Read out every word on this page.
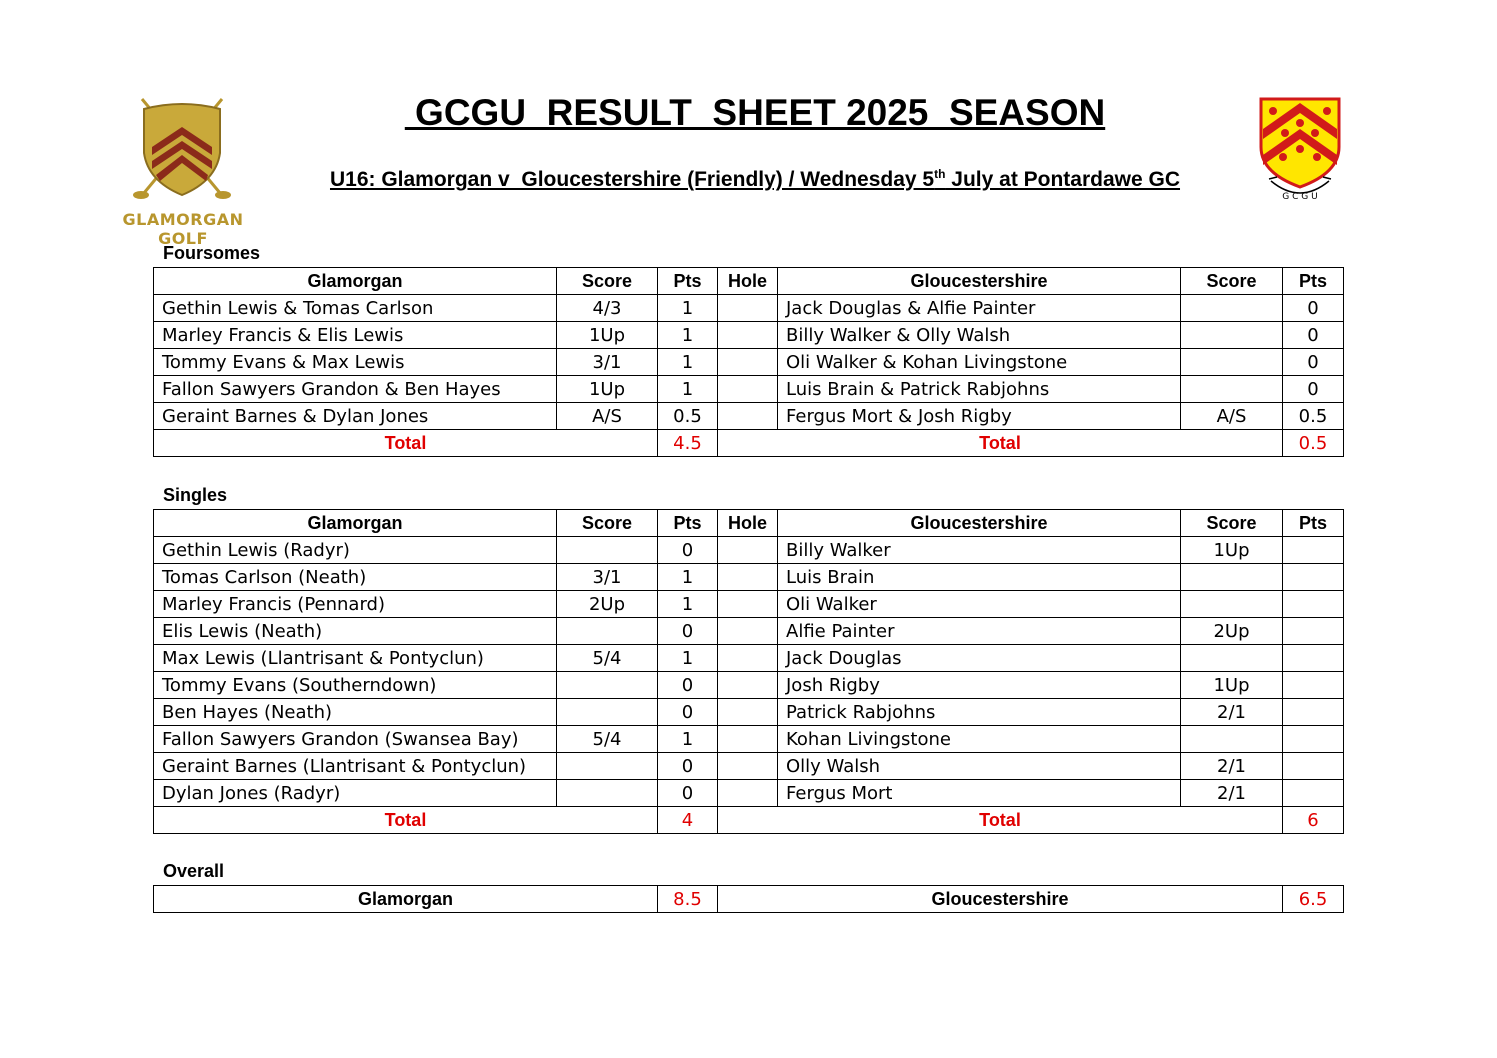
GLAMORGAN GOLF
GCGU  RESULT  SHEET 2025  SEASON
U16: Glamorgan v  Gloucestershire (Friendly) / Wednesday 5th July at Pontardawe GC
G C G U
Foursomes
Glamorgan	Score	Pts	Hole	Gloucestershire	Score	Pts
Gethin Lewis & Tomas Carlson	4/3	1		Jack Douglas & Alfie Painter		0
Marley Francis & Elis Lewis	1Up	1		Billy Walker & Olly Walsh		0
Tommy Evans & Max Lewis	3/1	1		Oli Walker & Kohan Livingstone		0
Fallon Sawyers Grandon & Ben Hayes	1Up	1		Luis Brain & Patrick Rabjohns		0
Geraint Barnes & Dylan Jones	A/S	0.5		Fergus Mort & Josh Rigby	A/S	0.5
Total		4.5	Total			0.5
Singles
Glamorgan	Score	Pts	Hole	Gloucestershire	Score	Pts
Gethin Lewis (Radyr)		0		Billy Walker	1Up	
Tomas Carlson (Neath)	3/1	1		Luis Brain		
Marley Francis (Pennard)	2Up	1		Oli Walker		
Elis Lewis (Neath)		0		Alfie Painter	2Up	
Max Lewis (Llantrisant & Pontyclun)	5/4	1		Jack Douglas		
Tommy Evans (Southerndown)		0		Josh Rigby	1Up	
Ben Hayes (Neath)		0		Patrick Rabjohns	2/1	
Fallon Sawyers Grandon (Swansea Bay)	5/4	1		Kohan Livingstone		
Geraint Barnes (Llantrisant & Pontyclun)		0		Olly Walsh	2/1	
Dylan Jones (Radyr)		0		Fergus Mort	2/1	
Total		4	Total			6
Overall
Glamorgan	8.5	Gloucestershire	6.5
